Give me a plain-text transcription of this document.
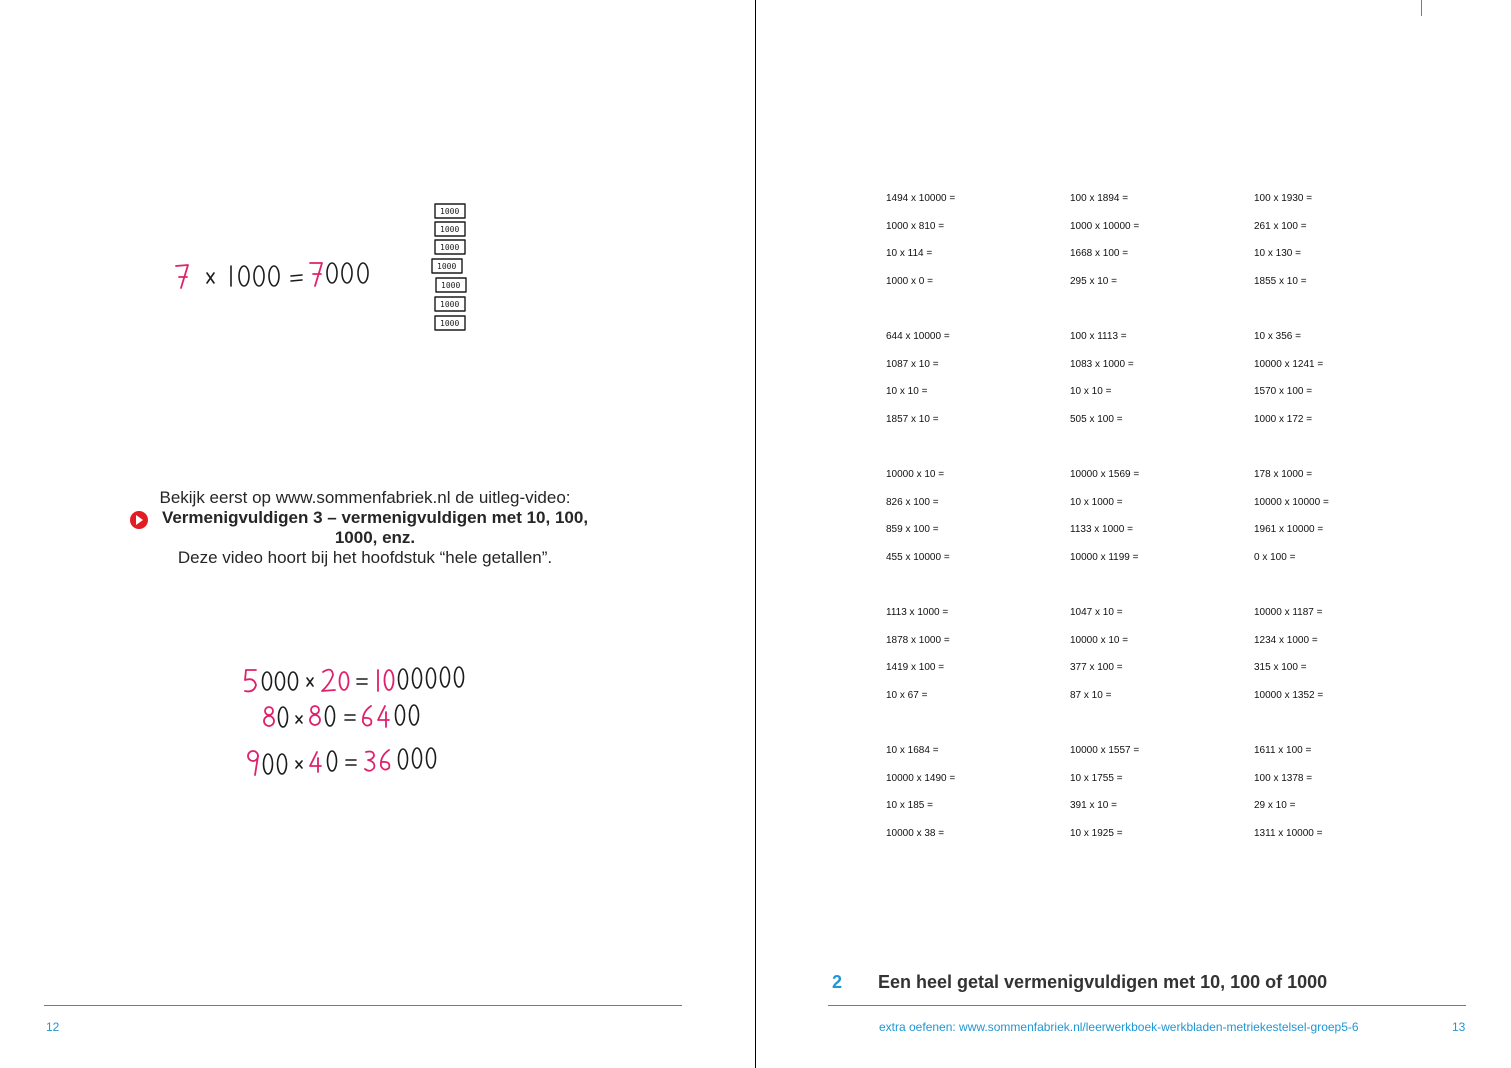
1000
1000
1000
1000
1000
1000
1000
Bekijk eerst op www.sommenfabriek.nl de uitleg-video:
Vermenigvuldigen 3 – vermenigvuldigen met 10, 100, 1000, enz.
Deze video hoort bij het hoofdstuk “hele getallen”.
12
1494 x 10000 =
1000 x 810 =
10 x 114 =
1000 x 0 =
644 x 10000 =
1087 x 10 =
10 x 10 =
1857 x 10 =
10000 x 10 =
826 x 100 =
859 x 100 =
455 x 10000 =
1113 x 1000 =
1878 x 1000 =
1419 x 100 =
10 x 67 =
10 x 1684 =
10000 x 1490 =
10 x 185 =
10000 x 38 =
100 x 1894 =
1000 x 10000 =
1668 x 100 =
295 x 10 =
100 x 1113 =
1083 x 1000 =
10 x 10 =
505 x 100 =
10000 x 1569 =
10 x 1000 =
1133 x 1000 =
10000 x 1199 =
1047 x 10 =
10000 x 10 =
377 x 100 =
87 x 10 =
10000 x 1557 =
10 x 1755 =
391 x 10 =
10 x 1925 =
100 x 1930 =
261 x 100 =
10 x 130 =
1855 x 10 =
10 x 356 =
10000 x 1241 =
1570 x 100 =
1000 x 172 =
178 x 1000 =
10000 x 10000 =
1961 x 10000 =
0 x 100 =
10000 x 1187 =
1234 x 1000 =
315 x 100 =
10000 x 1352 =
1611 x 100 =
100 x 1378 =
29 x 10 =
1311 x 10000 =
2 Een heel getal vermenigvuldigen met 10, 100 of 1000
extra oefenen: www.sommenfabriek.nl/leerwerkboek-werkbladen-metriekestelsel-groep5-6	13
